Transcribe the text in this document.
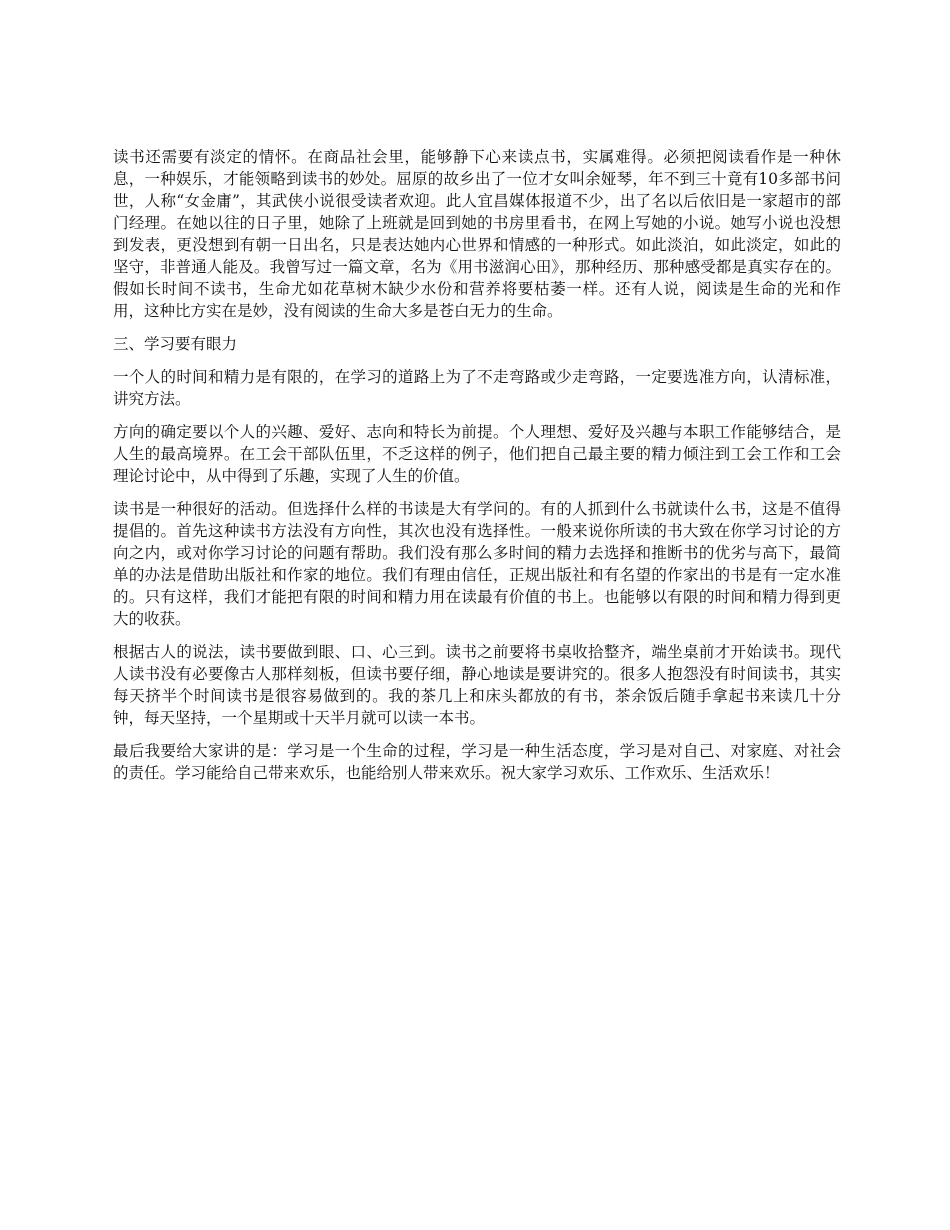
读书还需要有淡定的情怀。在商品社会里，能够静下心来读点书，实属难得。必须把阅读看作是一种休息，一种娱乐，才能领略到读书的妙处。屈原的故乡出了一位才女叫余娅琴，年不到三十竟有10多部书问世，人称“女金庸”，其武侠小说很受读者欢迎。此人宜昌媒体报道不少，出了名以后依旧是一家超市的部门经理。在她以往的日子里，她除了上班就是回到她的书房里看书，在网上写她的小说。她写小说也没想到发表，更没想到有朝一日出名，只是表达她内心世界和情感的一种形式。如此淡泊，如此淡定，如此的坚守，非普通人能及。我曾写过一篇文章，名为《用书滋润心田》，那种经历、那种感受都是真实存在的。假如长时间不读书，生命尤如花草树木缺少水份和营养将要枯萎一样。还有人说，阅读是生命的光和作用，这种比方实在是妙，没有阅读的生命大多是苍白无力的生命。

三、学习要有眼力

一个人的时间和精力是有限的，在学习的道路上为了不走弯路或少走弯路，一定要选准方向，认清标准，讲究方法。

方向的确定要以个人的兴趣、爱好、志向和特长为前提。个人理想、爱好及兴趣与本职工作能够结合，是人生的最高境界。在工会干部队伍里，不乏这样的例子，他们把自己最主要的精力倾注到工会工作和工会理论讨论中，从中得到了乐趣，实现了人生的价值。

读书是一种很好的活动。但选择什么样的书读是大有学问的。有的人抓到什么书就读什么书，这是不值得提倡的。首先这种读书方法没有方向性，其次也没有选择性。一般来说你所读的书大致在你学习讨论的方向之内，或对你学习讨论的问题有帮助。我们没有那么多时间的精力去选择和推断书的优劣与高下，最简单的办法是借助出版社和作家的地位。我们有理由信任，正规出版社和有名望的作家出的书是有一定水准的。只有这样，我们才能把有限的时间和精力用在读最有价值的书上。也能够以有限的时间和精力得到更大的收获。

根据古人的说法，读书要做到眼、口、心三到。读书之前要将书桌收拾整齐，端坐桌前才开始读书。现代人读书没有必要像古人那样刻板，但读书要仔细，静心地读是要讲究的。很多人抱怨没有时间读书，其实每天挤半个时间读书是很容易做到的。我的茶几上和床头都放的有书，茶余饭后随手拿起书来读几十分钟，每天坚持，一个星期或十天半月就可以读一本书。

最后我要给大家讲的是：学习是一个生命的过程，学习是一种生活态度，学习是对自己、对家庭、对社会的责任。学习能给自己带来欢乐，也能给别人带来欢乐。祝大家学习欢乐、工作欢乐、生活欢乐！
